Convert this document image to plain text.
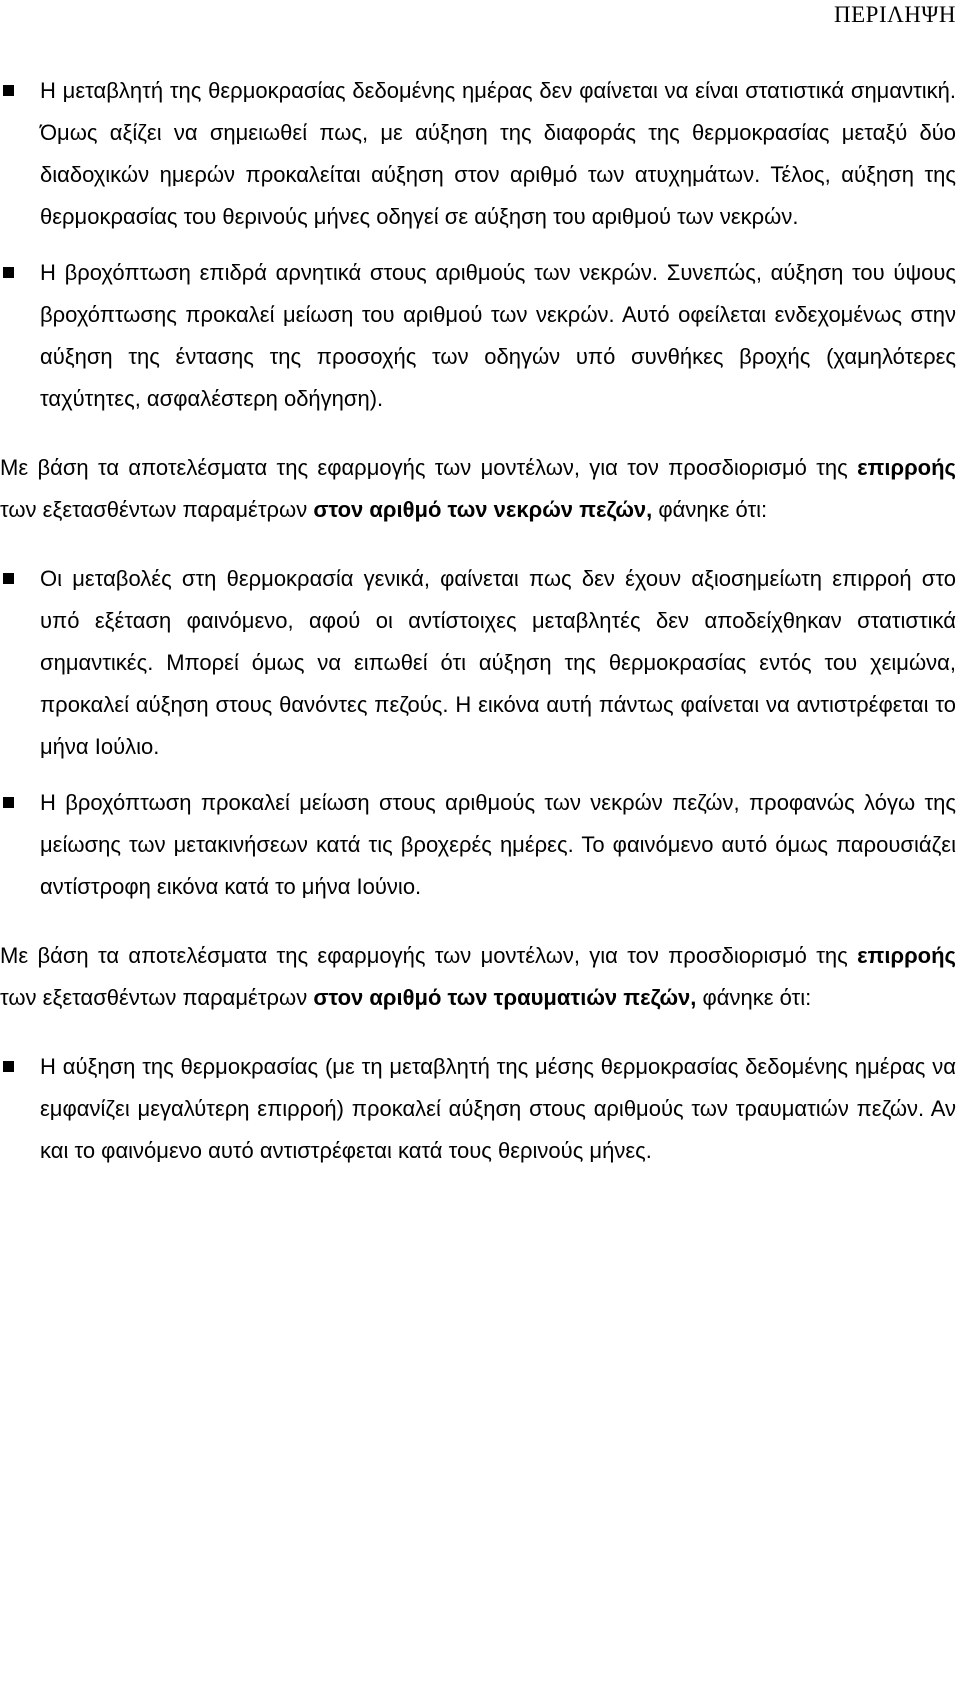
ΠΕΡΙΛΗΨΗ
Η μεταβλητή της θερμοκρασίας δεδομένης ημέρας δεν φαίνεται να είναι στατιστικά σημαντική. Όμως αξίζει να σημειωθεί πως, με αύξηση της διαφοράς της θερμοκρασίας μεταξύ δύο διαδοχικών ημερών προκαλείται αύξηση στον αριθμό των ατυχημάτων. Τέλος, αύξηση της θερμοκρασίας του θερινούς μήνες οδηγεί σε αύξηση του αριθμού των νεκρών.
Η βροχόπτωση επιδρά αρνητικά στους αριθμούς των νεκρών. Συνεπώς, αύξηση του ύψους βροχόπτωσης προκαλεί μείωση του αριθμού των νεκρών. Αυτό οφείλεται ενδεχομένως στην αύξηση της έντασης της προσοχής των οδηγών υπό συνθήκες βροχής (χαμηλότερες ταχύτητες, ασφαλέστερη οδήγηση).

Με βάση τα αποτελέσματα της εφαρμογής των μοντέλων, για τον προσδιορισμό της επιρροής των εξετασθέντων παραμέτρων στον αριθμό των νεκρών πεζών, φάνηκε ότι:

Οι μεταβολές στη θερμοκρασία γενικά, φαίνεται πως δεν έχουν αξιοσημείωτη επιρροή στο υπό εξέταση φαινόμενο, αφού οι αντίστοιχες μεταβλητές δεν αποδείχθηκαν στατιστικά σημαντικές. Μπορεί όμως να ειπωθεί ότι αύξηση της θερμοκρασίας εντός του χειμώνα, προκαλεί αύξηση στους θανόντες πεζούς. Η εικόνα αυτή πάντως φαίνεται να αντιστρέφεται το μήνα Ιούλιο.
Η βροχόπτωση προκαλεί μείωση στους αριθμούς των νεκρών πεζών, προφανώς λόγω της μείωσης των μετακινήσεων κατά τις βροχερές ημέρες. Το φαινόμενο αυτό όμως παρουσιάζει αντίστροφη εικόνα κατά το μήνα Ιούνιο.

Με βάση τα αποτελέσματα της εφαρμογής των μοντέλων, για τον προσδιορισμό της επιρροής των εξετασθέντων παραμέτρων στον αριθμό των τραυματιών πεζών, φάνηκε ότι:

Η αύξηση της θερμοκρασίας (με τη μεταβλητή της μέσης θερμοκρασίας δεδομένης ημέρας να εμφανίζει μεγαλύτερη επιρροή) προκαλεί αύξηση στους αριθμούς των τραυματιών πεζών. Αν και το φαινόμενο αυτό αντιστρέφεται κατά τους θερινούς μήνες.
